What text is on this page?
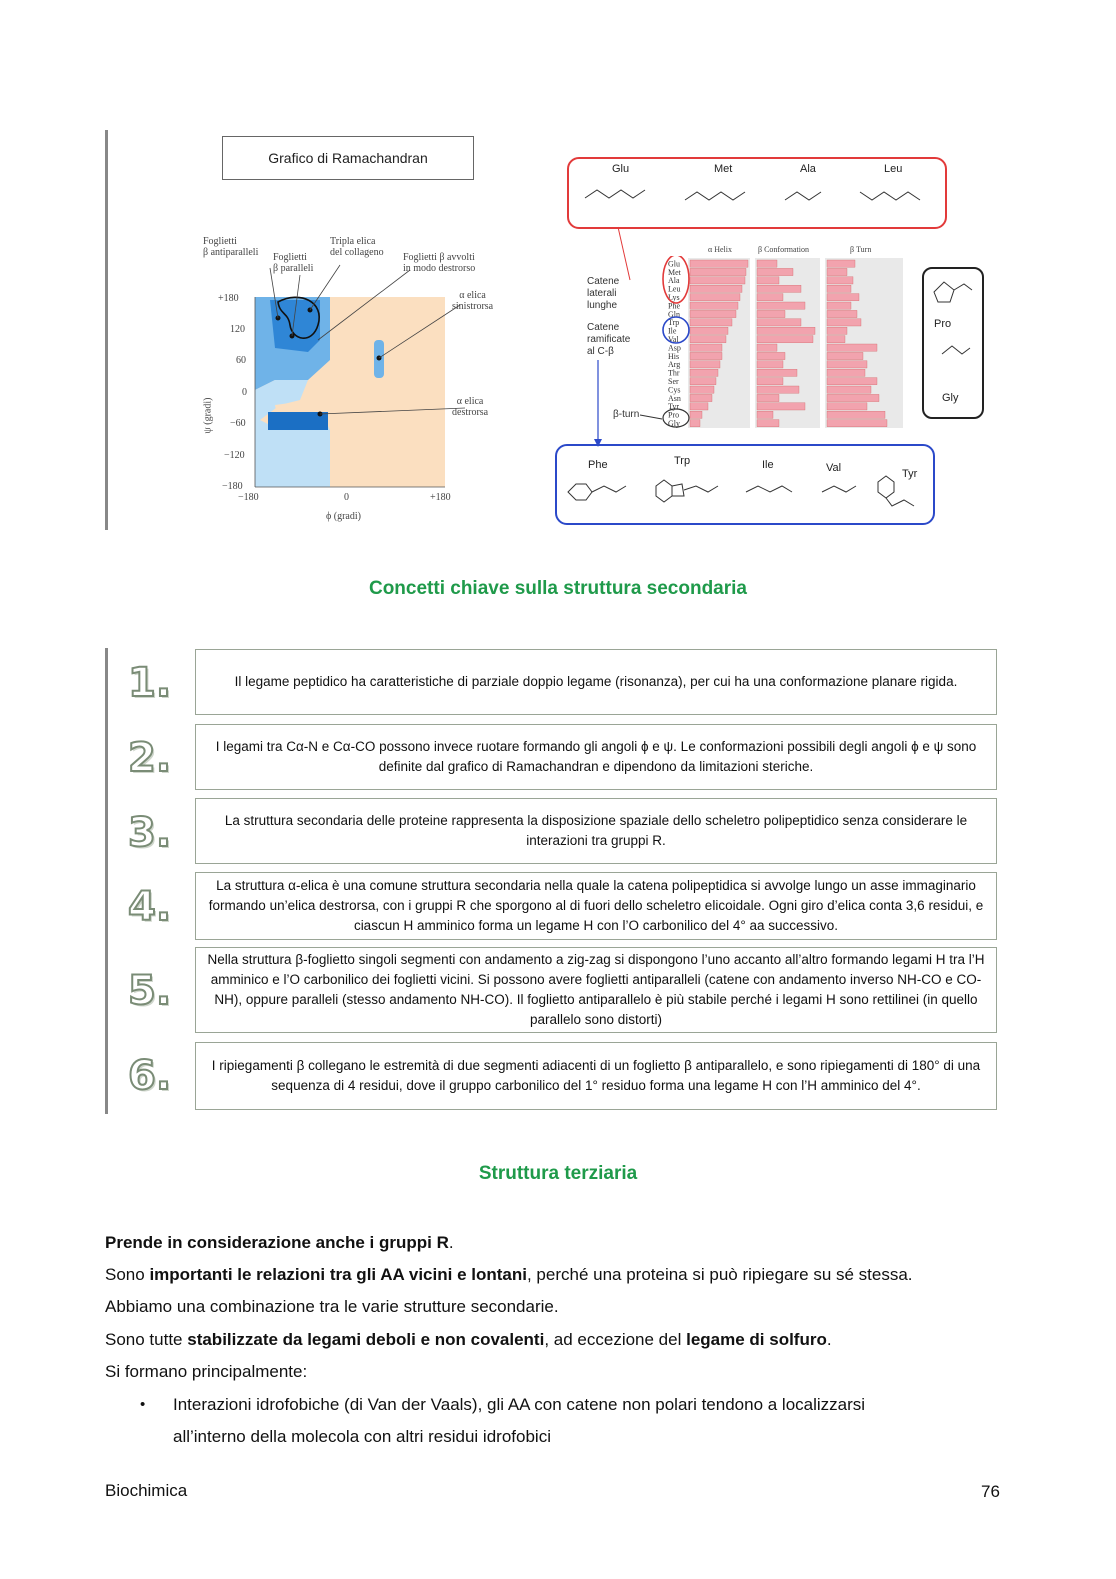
Grafico di Ramachandran
Foglietti
β antiparalleli Foglietti
β paralleli
Tripla elica
del collageno Foglietti β avvolti
in modo destrorso
α elica
sinistrorsa
α elica
destrorsa
+180
120
60
0
−60
−120
−180
−180	0	+180
ϕ (gradi)
ψ (gradi)
Glu	Met	Ala	Leu
Catene
laterali
lunghe
Catene
ramificate
al C-β
β-turn
α Helix	β Conformation	β Turn
Glu
Met
Ala
Leu
Lys
Phe
Gln
Trp
Ile
Val
Asp
His
Arg
Thr
Ser
Cys
Asn
Tyr
Pro
Gly
Pro
Gly
Phe	Trp	Ile	Val	Tyr
Concetti chiave sulla struttura secondaria
1.	Il legame peptidico ha caratteristiche di parziale doppio legame (risonanza), per cui ha una conformazione planare rigida.
2.	I legami tra Cα-N e Cα-CO possono invece ruotare formando gli angoli ϕ e ψ. Le conformazioni possibili degli angoli ϕ e ψ sono definite dal grafico di Ramachandran e dipendono da limitazioni steriche.
3.	La struttura secondaria delle proteine rappresenta la disposizione spaziale dello scheletro polipeptidico senza considerare le interazioni tra gruppi R.
4.	La struttura α-elica è una comune struttura secondaria nella quale la catena polipeptidica si avvolge lungo un asse immaginario formando un’elica destrorsa, con i gruppi R che sporgono al di fuori dello scheletro elicoidale. Ogni giro d’elica conta 3,6 residui, e ciascun H amminico forma un legame H con l’O carbonilico del 4° aa successivo.
5.
Nella struttura β-foglietto singoli segmenti con andamento a zig-zag si dispongono l’uno accanto all’altro formando legami H tra l’H amminico e l’O carbonilico dei foglietti vicini. Si possono avere foglietti antiparalleli (catene con andamento inverso NH-CO e CO-NH), oppure paralleli (stesso andamento NH-CO). Il foglietto antiparallelo è più stabile perché i legami H sono rettilinei (in quello parallelo sono distorti)
6.	I ripiegamenti β collegano le estremità di due segmenti adiacenti di un foglietto β antiparallelo, e sono ripiegamenti di 180° di una sequenza di 4 residui, dove il gruppo carbonilico del 1° residuo forma una legame H con l’H amminico del 4°.
Struttura terziaria
Prende in considerazione anche i gruppi R.
Sono importanti le relazioni tra gli AA vicini e lontani, perché una proteina si può ripiegare su sé stessa.
Abbiamo una combinazione tra le varie strutture secondarie.
Sono tutte stabilizzate da legami deboli e non covalenti, ad eccezione del legame di solfuro.
Si formano principalmente:
• Interazioni idrofobiche (di Van der Vaals), gli AA con catene non polari tendono a localizzarsi
all’interno della molecola con altri residui idrofobici
Biochimica	76
